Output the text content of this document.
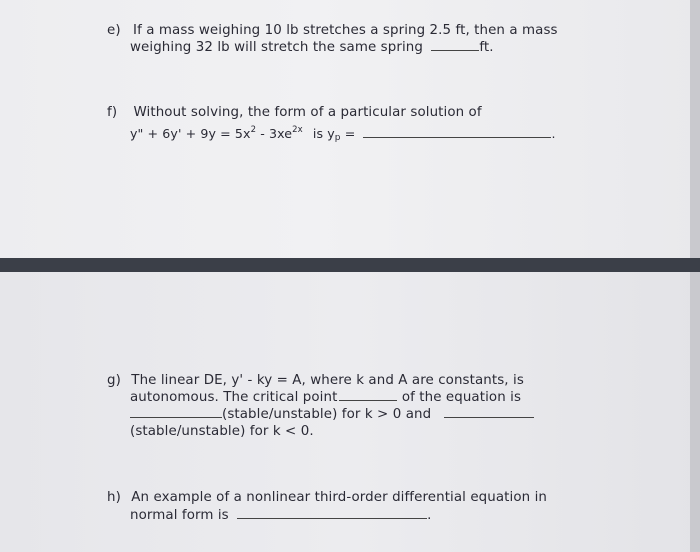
e) If a mass weighing 10 lb stretches a spring 2.5 ft, then a mass
weighing 32 lb will stretch the same spring	ft.
f) Without solving, the form of a particular solution of
y" + $6y' + 9y = 5x^2 - 3xe^{2x}$ is $y_p$ =	.
g) The linear DE, y' - ky = A, where k and A are constants, is
autonomous. The critical point	of the equation is
(stable/unstable) for k > 0 and
(stable/unstable) for k < 0.
h) An example of a nonlinear third-order differential equation in
normal form is	.
